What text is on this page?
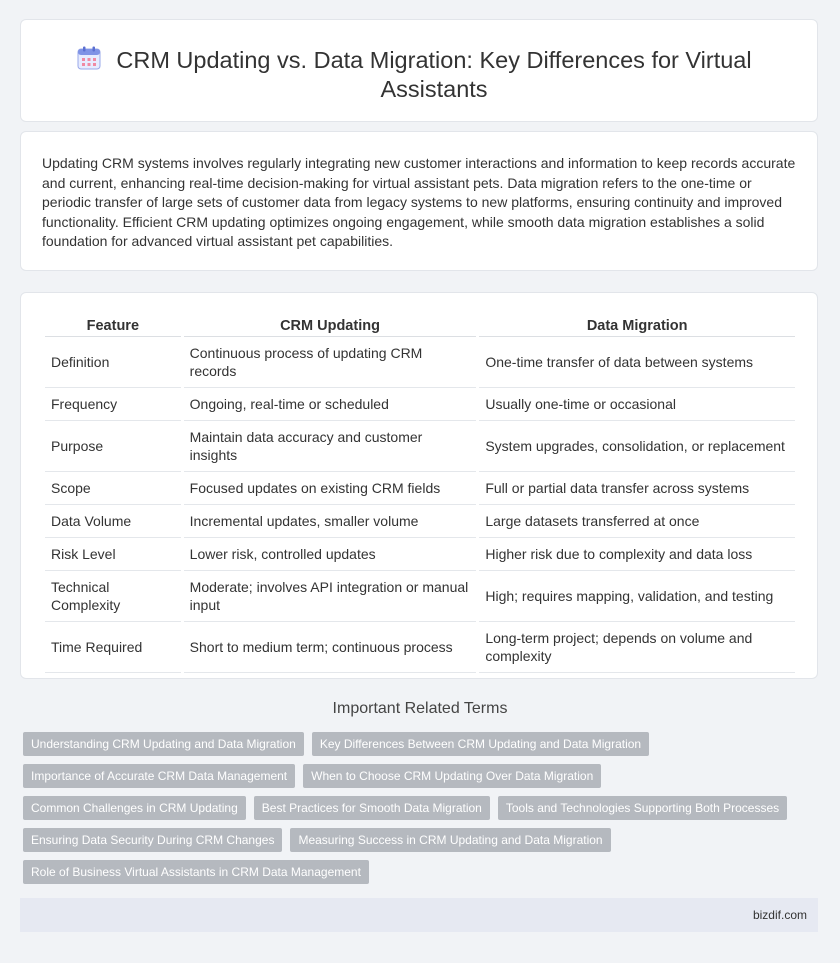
CRM Updating vs. Data Migration: Key Differences for Virtual Assistants
Updating CRM systems involves regularly integrating new customer interactions and information to keep records accurate and current, enhancing real-time decision-making for virtual assistant pets. Data migration refers to the one-time or periodic transfer of large sets of customer data from legacy systems to new platforms, ensuring continuity and improved functionality. Efficient CRM updating optimizes ongoing engagement, while smooth data migration establishes a solid foundation for advanced virtual assistant pet capabilities.
Feature	CRM Updating	Data Migration
Definition	Continuous process of updating CRM records	One-time transfer of data between systems
Frequency	Ongoing, real-time or scheduled	Usually one-time or occasional
Purpose	Maintain data accuracy and customer insights	System upgrades, consolidation, or replacement
Scope	Focused updates on existing CRM fields	Full or partial data transfer across systems
Data Volume	Incremental updates, smaller volume	Large datasets transferred at once
Risk Level	Lower risk, controlled updates	Higher risk due to complexity and data loss
Technical Complexity	Moderate; involves API integration or manual input	High; requires mapping, validation, and testing
Time Required	Short to medium term; continuous process	Long-term project; depends on volume and complexity
Important Related Terms
Understanding CRM Updating and Data Migration	Key Differences Between CRM Updating and Data Migration
Importance of Accurate CRM Data Management	When to Choose CRM Updating Over Data Migration
Common Challenges in CRM Updating	Best Practices for Smooth Data Migration	Tools and Technologies Supporting Both Processes
Ensuring Data Security During CRM Changes	Measuring Success in CRM Updating and Data Migration
Role of Business Virtual Assistants in CRM Data Management
bizdif.com
